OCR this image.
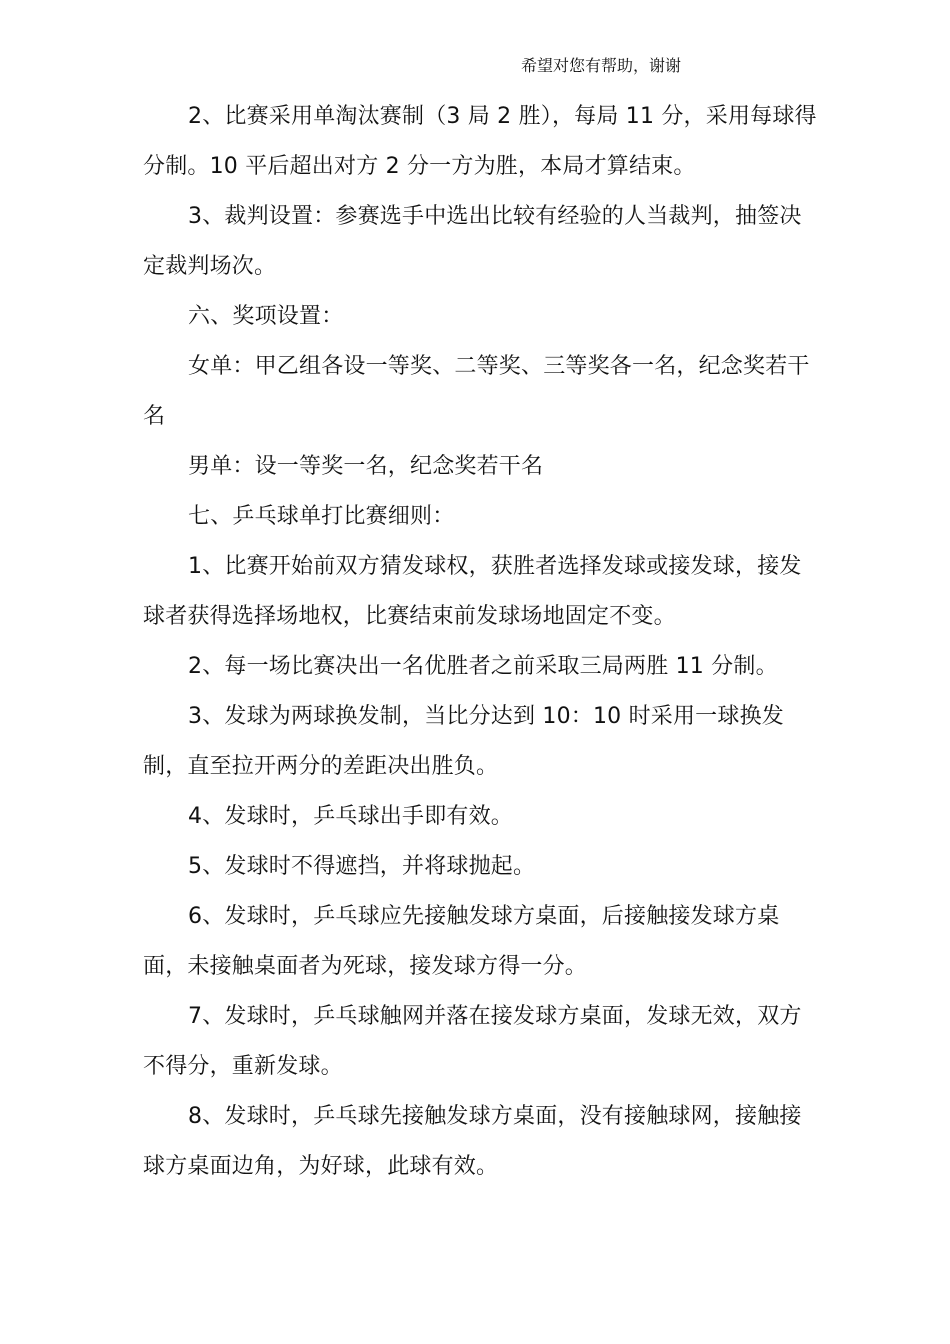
希望对您有帮助，谢谢

2、比赛采用单淘汰赛制（3 局 2 胜），每局 11 分，采用每球得分制。10 平后超出对方 2 分一方为胜，本局才算结束。

3、裁判设置：参赛选手中选出比较有经验的人当裁判，抽签决定裁判场次。

六、奖项设置：

女单：甲乙组各设一等奖、二等奖、三等奖各一名，纪念奖若干名

男单：设一等奖一名，纪念奖若干名

七、乒乓球单打比赛细则：

1、比赛开始前双方猜发球权，获胜者选择发球或接发球，接发球者获得选择场地权，比赛结束前发球场地固定不变。

2、每一场比赛决出一名优胜者之前采取三局两胜 11 分制。

3、发球为两球换发制，当比分达到 10：10 时采用一球换发制，直至拉开两分的差距决出胜负。

4、发球时，乒乓球出手即有效。

5、发球时不得遮挡，并将球抛起。

6、发球时，乒乓球应先接触发球方桌面，后接触接发球方桌面，未接触桌面者为死球，接发球方得一分。

7、发球时，乒乓球触网并落在接发球方桌面，发球无效，双方不得分，重新发球。

8、发球时，乒乓球先接触发球方桌面，没有接触球网，接触接球方桌面边角，为好球，此球有效。
